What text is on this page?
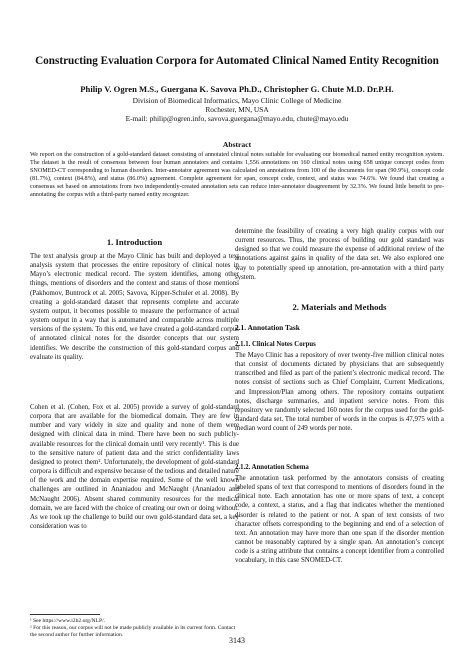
Constructing Evaluation Corpora for Automated Clinical Named Entity Recognition
Philip V. Ogren M.S., Guergana K. Savova Ph.D., Christopher G. Chute M.D. Dr.P.H.
Division of Biomedical Informatics, Mayo Clinic College of Medicine
Rochester, MN, USA
E-mail: philip@ogren.info, savova.guergana@mayo.edu, chute@mayo.edu
Abstract
We report on the construction of a gold-standard dataset consisting of annotated clinical notes suitable for evaluating our biomedical named entity recognition system. The dataset is the result of consensus between four human annotators and contains 1,556 annotations on 160 clinical notes using 658 unique concept codes from SNOMED-CT corresponding to human disorders. Inter-annotator agreement was calculated on annotations from 100 of the documents for span (90.9%), concept code (81.7%), context (84.8%), and status (86.0%) agreement. Complete agreement for span, concept code, context, and status was 74.6%. We found that creating a consensus set based on annotations from two independently-created annotation sets can reduce inter-annotator disagreement by 32.3%. We found little benefit to pre-annotating the corpus with a third-party named entity recognizer.
1. Introduction
The text analysis group at the Mayo Clinic has built and deployed a text analysis system that processes the entire repository of clinical notes in Mayo’s electronic medical record. The system identifies, among other things, mentions of disorders and the context and status of those mentions (Pakhomov, Buntrock et al. 2005; Savova, Kipper-Schuler et al. 2008). By creating a gold-standard dataset that represents complete and accurate system output, it becomes possible to measure the performance of actual system output in a way that is automated and comparable across multiple versions of the system. To this end, we have created a gold-standard corpus of annotated clinical notes for the disorder concepts that our system identifies. We describe the construction of this gold-standard corpus and evaluate its quality.
Cohen et al. (Cohen, Fox et al. 2005) provide a survey of gold-standard corpora that are available for the biomedical domain. They are few in number and vary widely in size and quality and none of them were designed with clinical data in mind. There have been no such publicly-available resources for the clinical domain until very recently¹. This is due to the sensitive nature of patient data and the strict confidentiality laws designed to protect them². Unfortunately, the development of gold-standard corpora is difficult and expensive because of the tedious and detailed nature of the work and the domain expertise required. Some of the well known challenges are outlined in Ananiadou and McNaught (Ananiadou and McNaught 2006). Absent shared community resources for the medical domain, we are faced with the choice of creating our own or doing without. As we took up the challenge to build our own gold-standard data set, a key consideration was to
¹ See https://www.i2b2.org/NLP/.
² For this reason, our corpus will not be made publicly available in its current form. Contact the second author for further information.
determine the feasibility of creating a very high quality corpus with our current resources. Thus, the process of building our gold standard was designed so that we could measure the expense of additional review of the annotations against gains in quality of the data set. We also explored one way to potentially speed up annotation, pre-annotation with a third party system.
2. Materials and Methods
2.1. Annotation Task
2.1.1. Clinical Notes Corpus
The Mayo Clinic has a repository of over twenty-five million clinical notes that consist of documents dictated by physicians that are subsequently transcribed and filed as part of the patient’s electronic medical record. The notes consist of sections such as Chief Complaint, Current Medications, and Impression/Plan among others. The repository contains outpatient notes, discharge summaries, and inpatient service notes. From this repository we randomly selected 160 notes for the corpus used for the gold-standard data set. The total number of words in the corpus is 47,975 with a median word count of 249 words per note.
2.1.2. Annotation Schema
The annotation task performed by the annotators consists of creating labeled spans of text that correspond to mentions of disorders found in the clinical note. Each annotation has one or more spans of text, a concept code, a context, a status, and a flag that indicates whether the mentioned disorder is related to the patient or not. A span of text consists of two character offsets corresponding to the beginning and end of a selection of text. An annotation may have more than one span if the disorder mention cannot be reasonably captured by a single span. An annotation’s concept code is a string attribute that contains a concept identifier from a controlled vocabulary, in this case SNOMED-CT.
3143
